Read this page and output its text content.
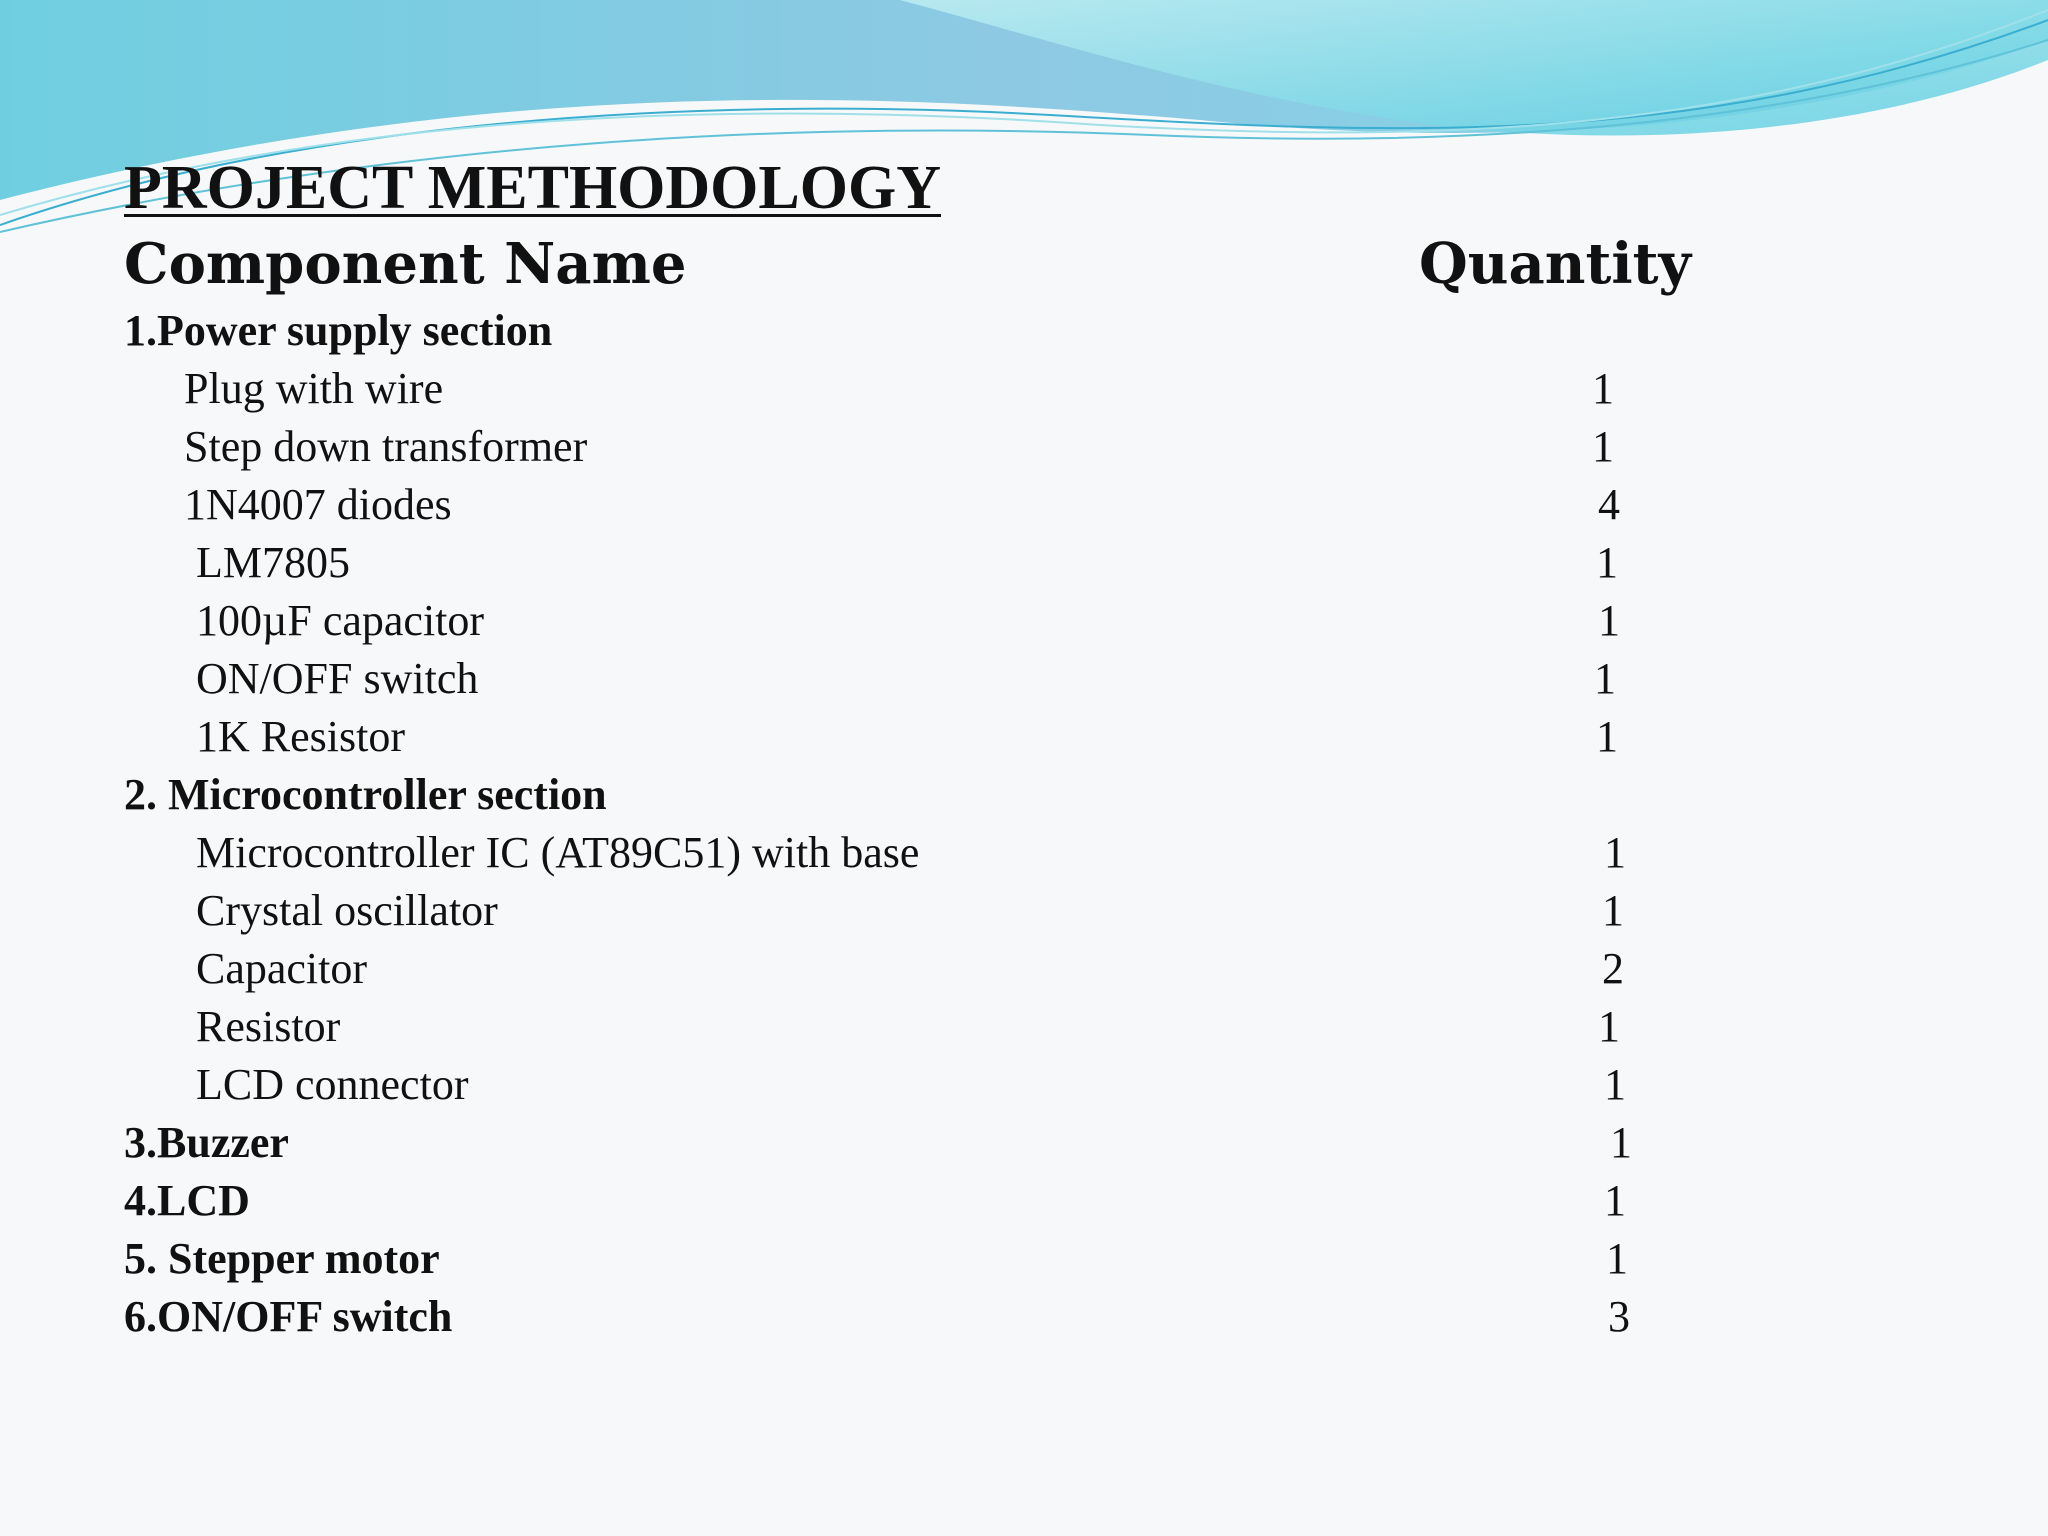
PROJECT METHODOLOGY
Component Name	Quantity
1.Power supply section
Plug with wire	1
Step down transformer	1
1N4007 diodes	4
LM7805	1
100µF capacitor	1
ON/OFF switch	1
1K Resistor	1
2. Microcontroller section
Microcontroller IC (AT89C51) with base	1
Crystal oscillator	1
Capacitor	2
Resistor	1
LCD connector	1
3.Buzzer	1
4.LCD	1
5. Stepper motor	1
6.ON/OFF switch	3
